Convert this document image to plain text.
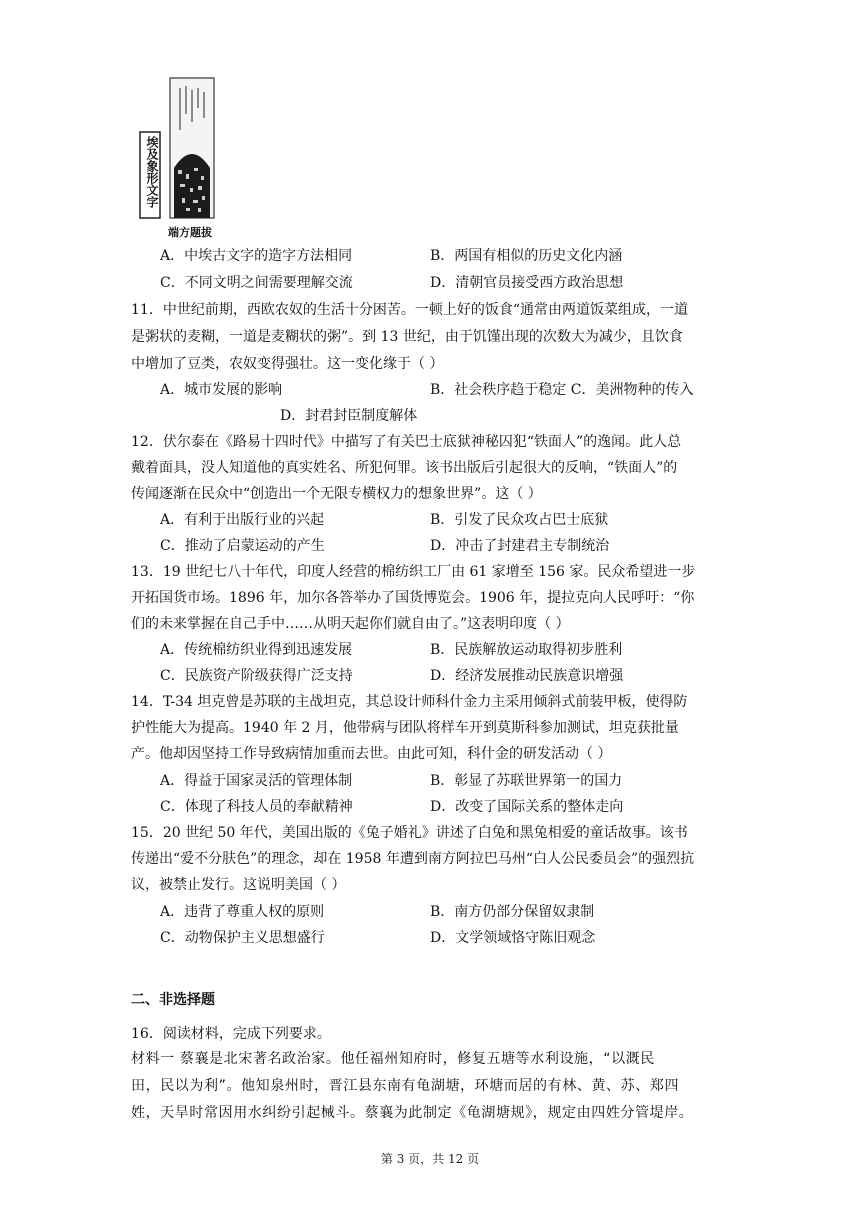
埃及象形文字
端方题拔
A．中埃古文字的造字方法相同	B．两国有相似的历史文化内涵
C．不同文明之间需要理解交流	D．清朝官员接受西方政治思想
11．中世纪前期，西欧农奴的生活十分困苦。一顿上好的饭食“通常由两道饭菜组成，一道
是粥状的麦糊，一道是麦糊状的粥”。到 13 世纪，由于饥馑出现的次数大为减少，且饮食
中增加了豆类，农奴变得强壮。这一变化缘于（ ）
A．城市发展的影响	B．社会秩序趋于稳定 C．美洲物种的传入
D．封君封臣制度解体
12．伏尔泰在《路易十四时代》中描写了有关巴士底狱神秘囚犯“铁面人”的逸闻。此人总
戴着面具，没人知道他的真实姓名、所犯何罪。该书出版后引起很大的反响，“铁面人”的
传闻逐渐在民众中“创造出一个无限专横权力的想象世界”。这（ ）
A．有利于出版行业的兴起	B．引发了民众攻占巴士底狱
C．推动了启蒙运动的产生	D．冲击了封建君主专制统治
13．19 世纪七八十年代，印度人经营的棉纺织工厂由 61 家增至 156 家。民众希望进一步
开拓国货市场。1896 年，加尔各答举办了国货博览会。1906 年，提拉克向人民呼吁：“你
们的未来掌握在自己手中……从明天起你们就自由了。”这表明印度（ ）
A．传统棉纺织业得到迅速发展	B．民族解放运动取得初步胜利
C．民族资产阶级获得广泛支持	D．经济发展推动民族意识增强
14．T-34 坦克曾是苏联的主战坦克，其总设计师科什金力主采用倾斜式前装甲板，使得防
护性能大为提高。1940 年 2 月，他带病与团队将样车开到莫斯科参加测试，坦克获批量
产。他却因坚持工作导致病情加重而去世。由此可知，科什金的研发活动（ ）
A．得益于国家灵活的管理体制	B．彰显了苏联世界第一的国力
C．体现了科技人员的奉献精神	D．改变了国际关系的整体走向
15．20 世纪 50 年代，美国出版的《兔子婚礼》讲述了白兔和黑兔相爱的童话故事。该书
传递出“爱不分肤色”的理念，却在 1958 年遭到南方阿拉巴马州“白人公民委员会”的强烈抗
议，被禁止发行。这说明美国（ ）
A．违背了尊重人权的原则	B．南方仍部分保留奴隶制
C．动物保护主义思想盛行	D．文学领域恪守陈旧观念
二、非选择题
16．阅读材料，完成下列要求。
材料一 蔡襄是北宋著名政治家。他任福州知府时，修复五塘等水利设施，“以溉民
田，民以为利”。他知泉州时，晋江县东南有龟湖塘，环塘而居的有林、黄、苏、郑四
姓，天旱时常因用水纠纷引起械斗。蔡襄为此制定《龟湖塘规》，规定由四姓分管堤岸。
第 3 页，共 12 页
